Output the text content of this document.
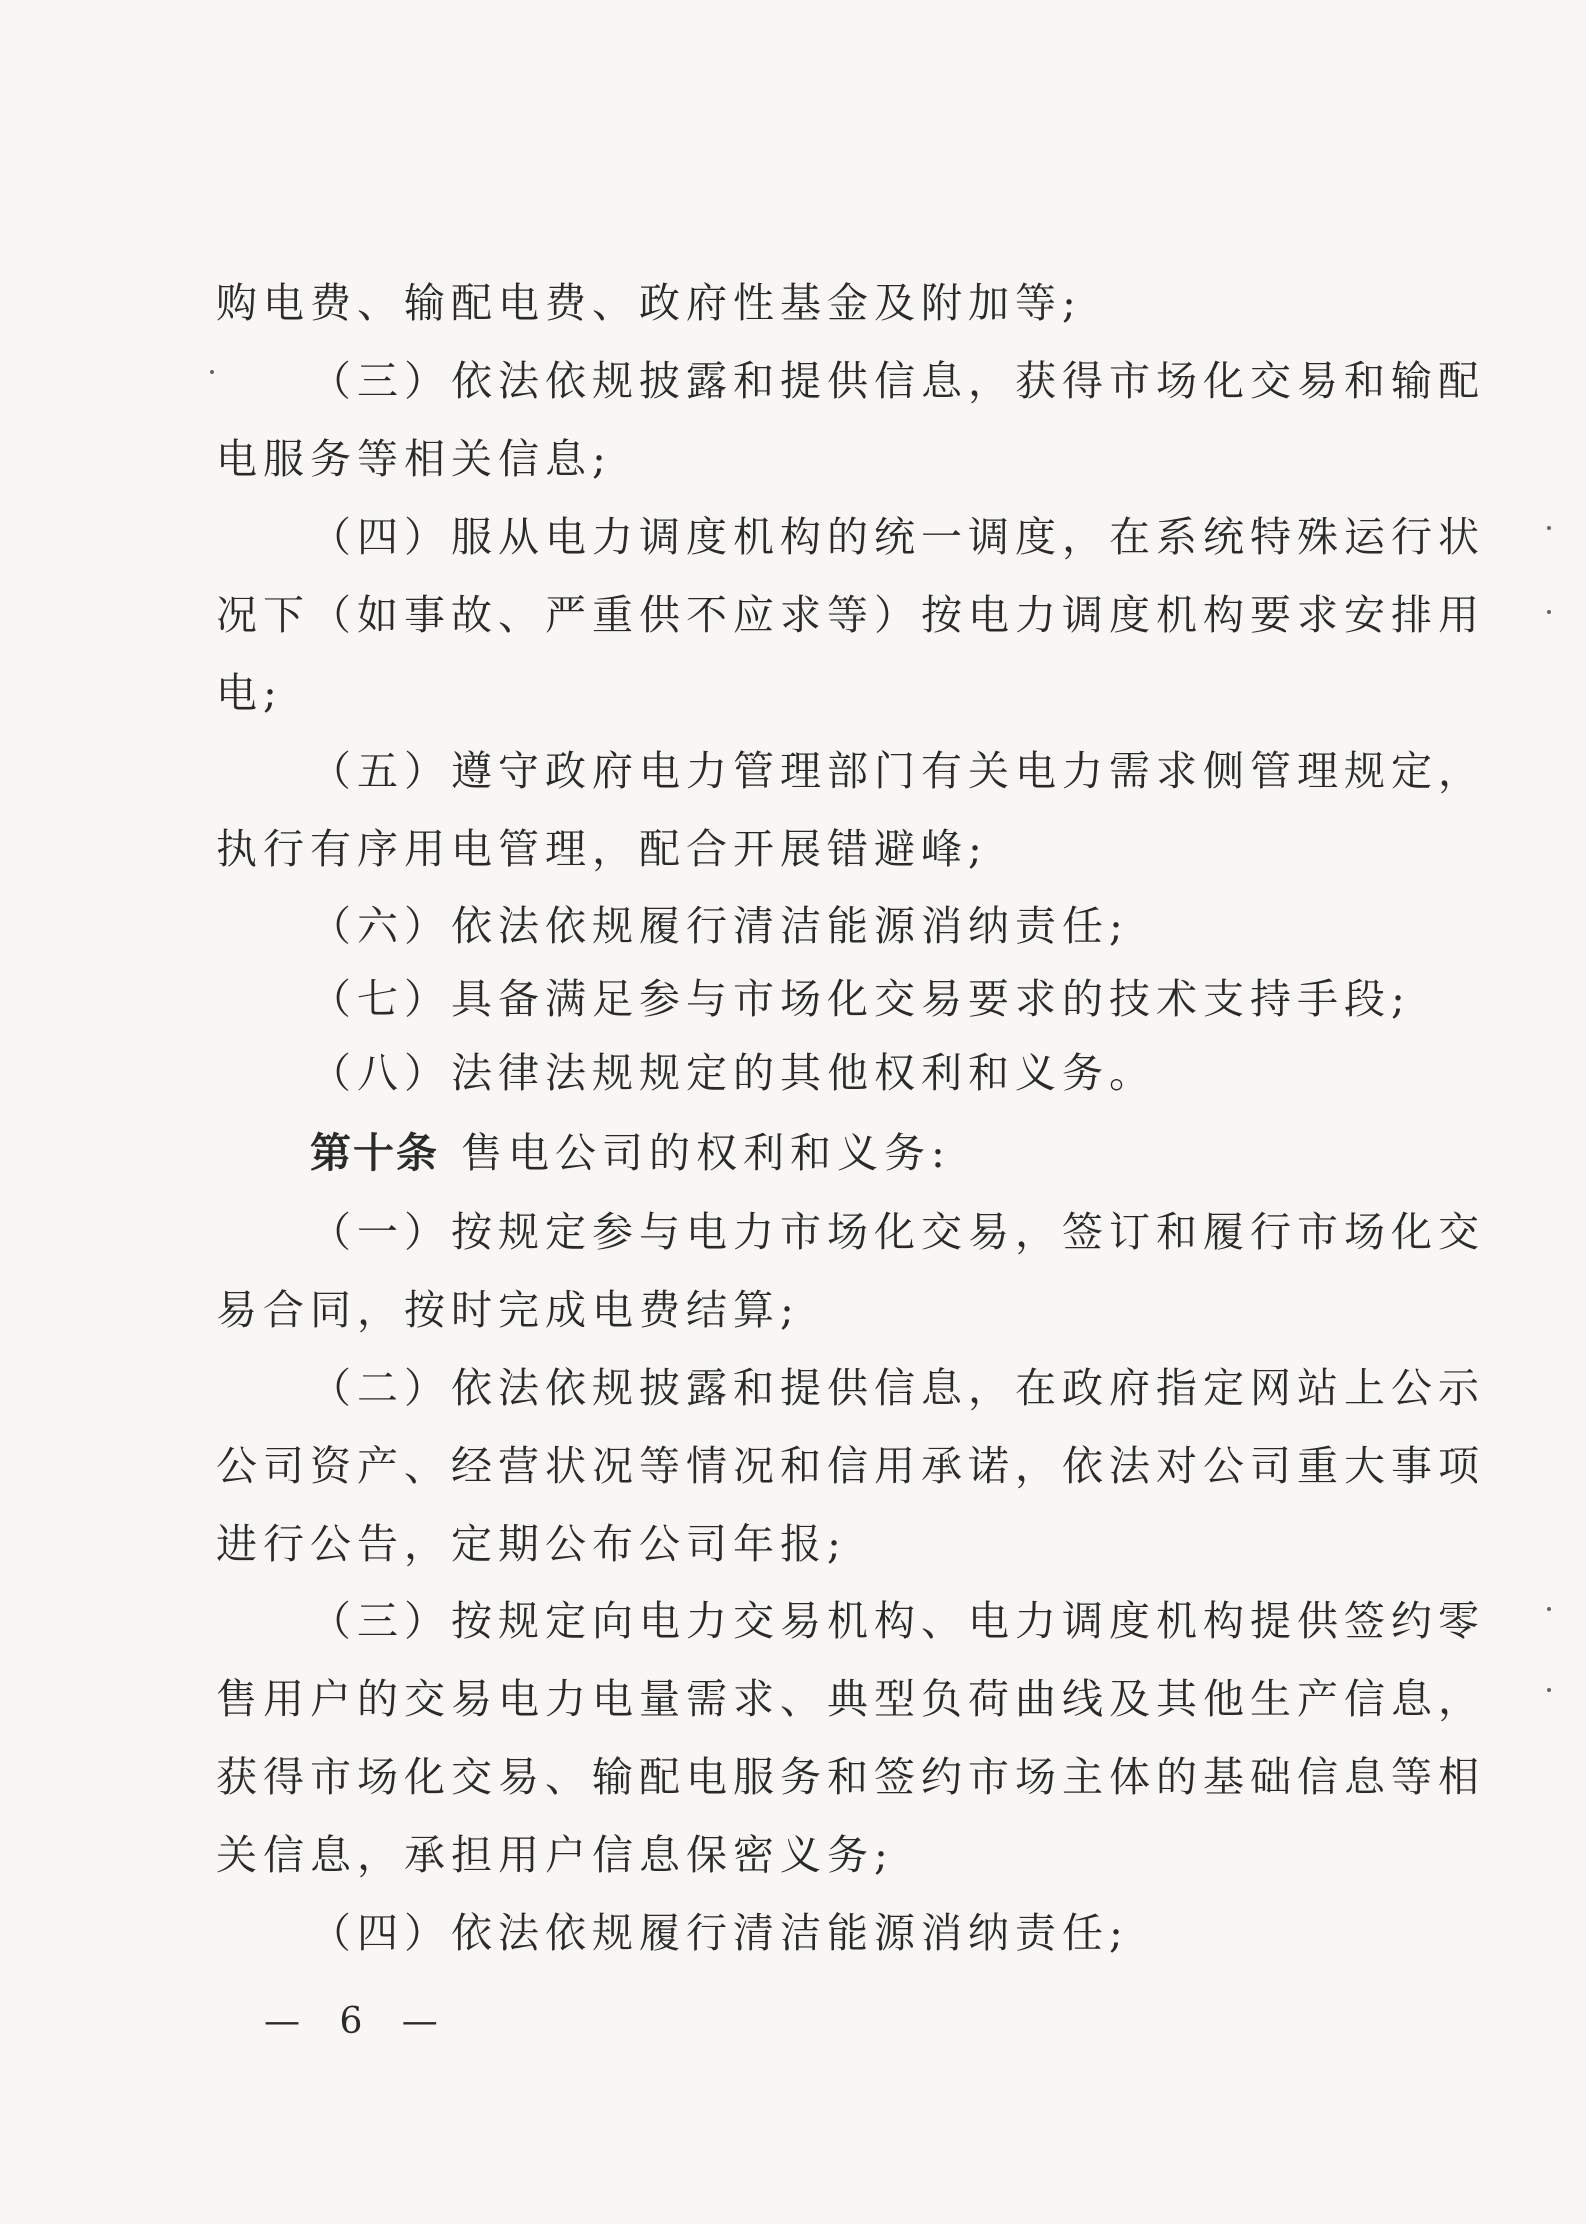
购电费、输配电费、政府性基金及附加等;
（三）依法依规披露和提供信息，获得市场化交易和输配
电服务等相关信息;
（四）服从电力调度机构的统一调度，在系统特殊运行状
况下（如事故、严重供不应求等）按电力调度机构要求安排用
电;
（五）遵守政府电力管理部门有关电力需求侧管理规定，
执行有序用电管理，配合开展错避峰;
（六）依法依规履行清洁能源消纳责任;
（七）具备满足参与市场化交易要求的技术支持手段;
（八）法律法规规定的其他权利和义务。
第十条 售电公司的权利和义务:
（一）按规定参与电力市场化交易，签订和履行市场化交
易合同，按时完成电费结算;
（二）依法依规披露和提供信息，在政府指定网站上公示
公司资产、经营状况等情况和信用承诺，依法对公司重大事项
进行公告，定期公布公司年报;
（三）按规定向电力交易机构、电力调度机构提供签约零
售用户的交易电力电量需求、典型负荷曲线及其他生产信息，
获得市场化交易、输配电服务和签约市场主体的基础信息等相
关信息，承担用户信息保密义务;
（四）依法依规履行清洁能源消纳责任;
— 6 —
